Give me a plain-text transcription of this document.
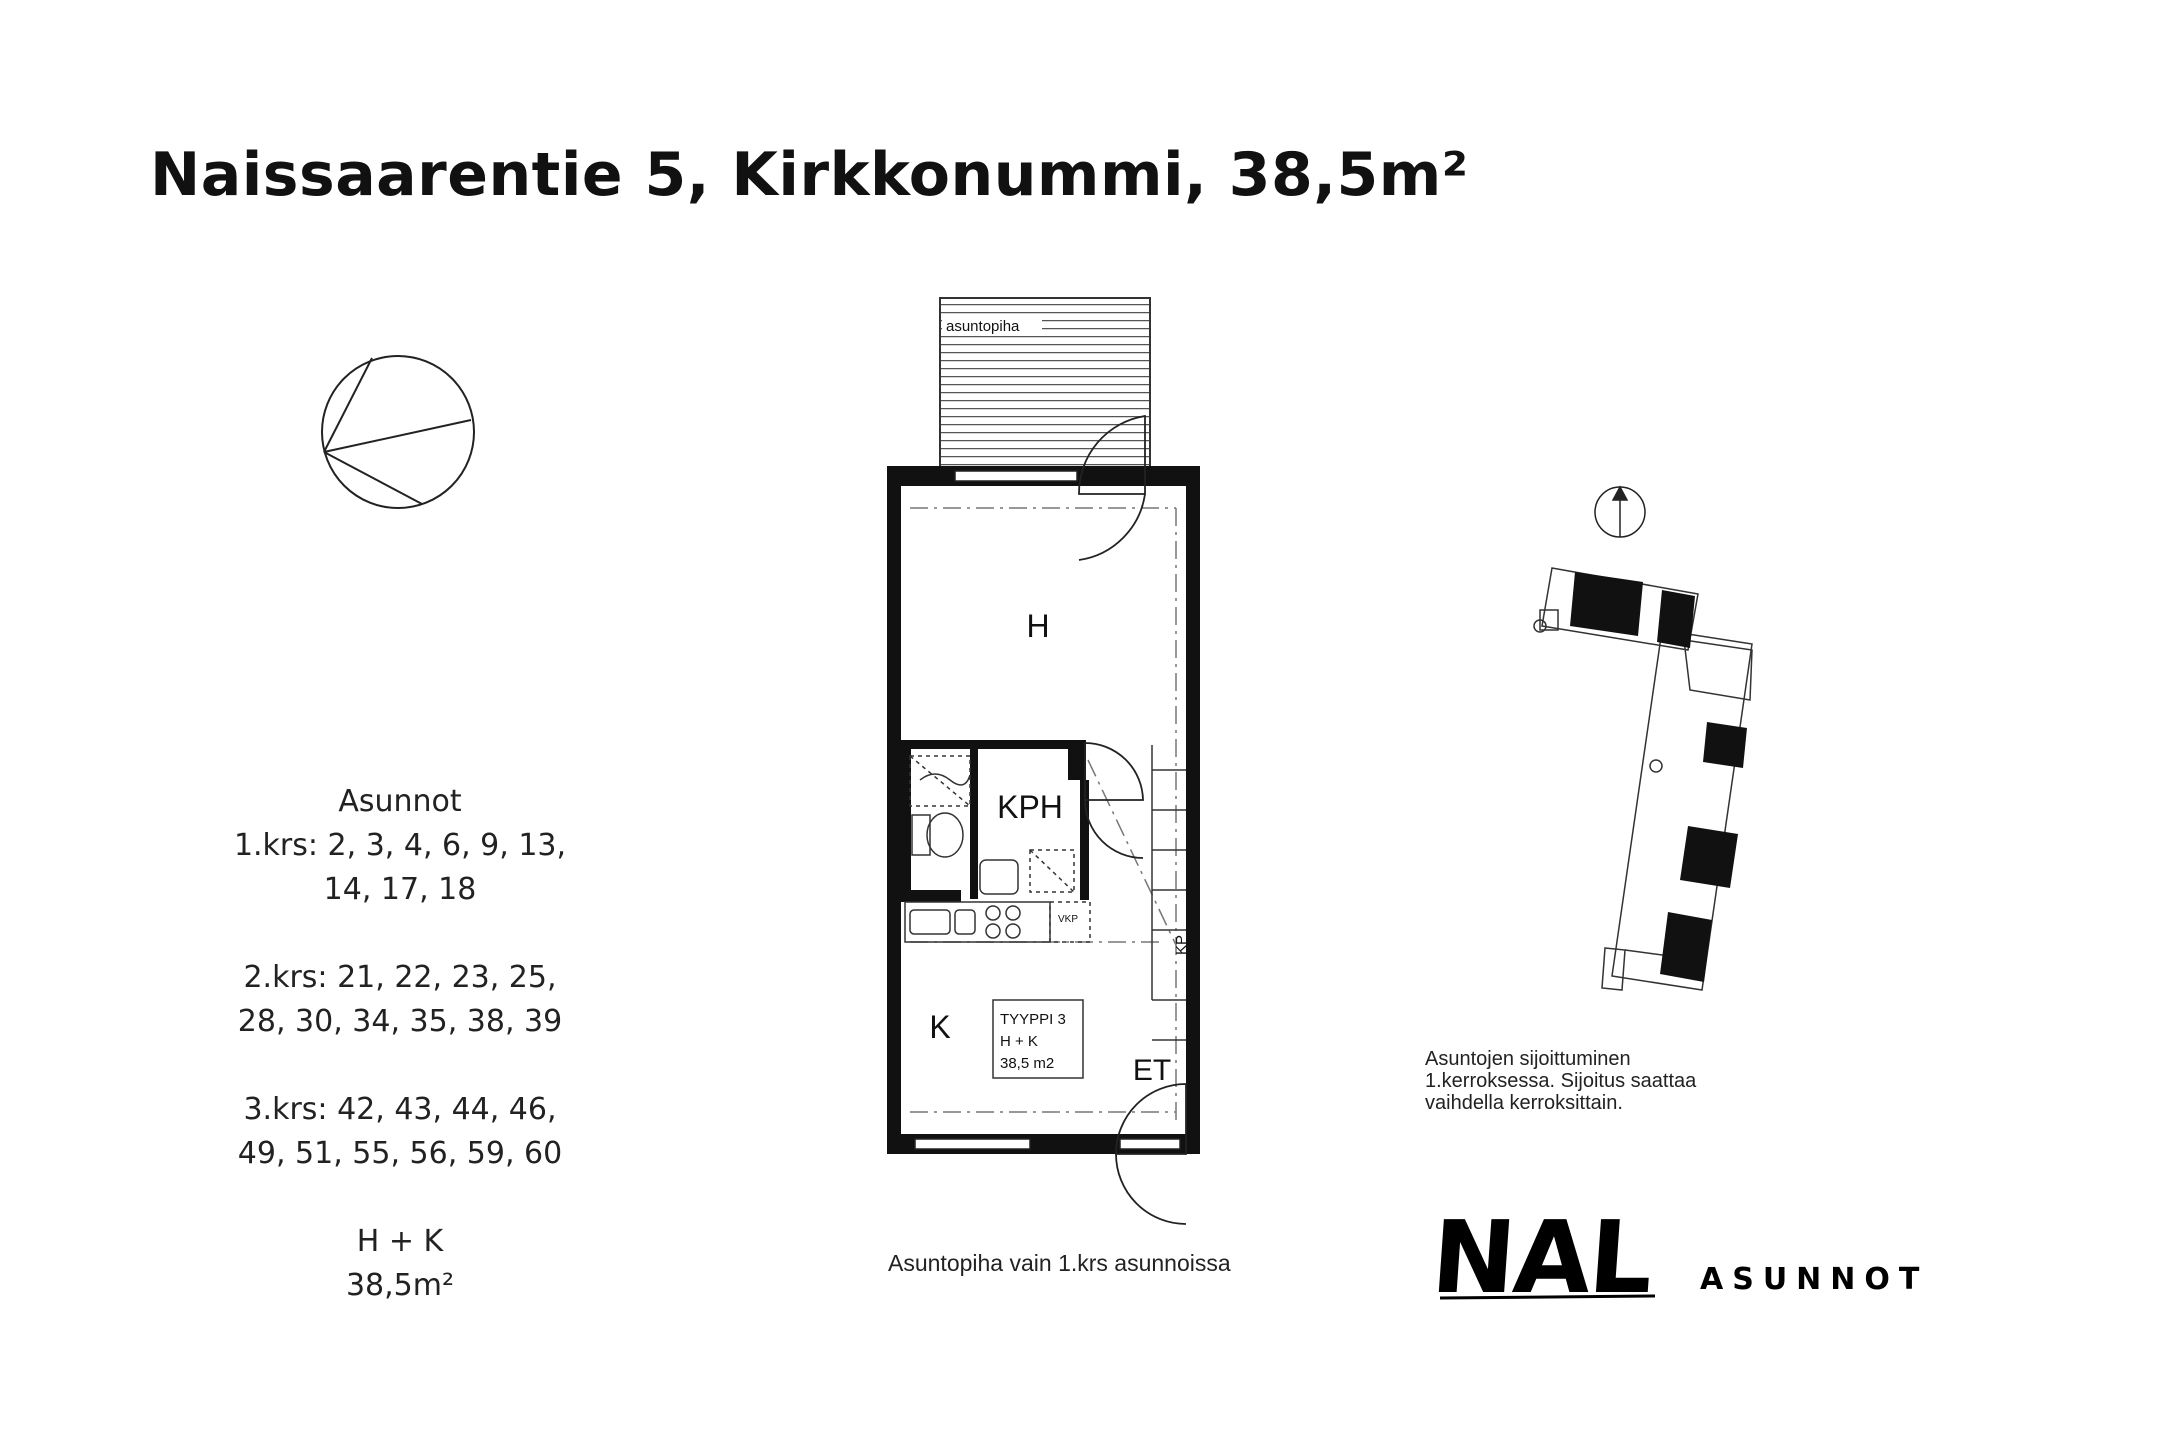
Naissaarentie 5, Kirkkonummi, 38,5m²
Asunnot
1.krs: 2, 3, 4, 6, 9, 13,
14, 17, 18
2.krs: 21, 22, 23, 25,
28, 30, 34, 35, 38, 39
3.krs: 42, 43, 44, 46,
49, 51, 55, 56, 59, 60
H + K
38,5m²
asuntopiha
H
KPH
K
ET
VKP
KP
TYYPPI 3
H + K
38,5 m2	Asuntojen sijoittuminen
1.kerroksessa. Sijoitus saattaa
vaihdella kerroksittain.
Asuntopiha vain 1.krs asunnoissa NAL ASUNNOT
